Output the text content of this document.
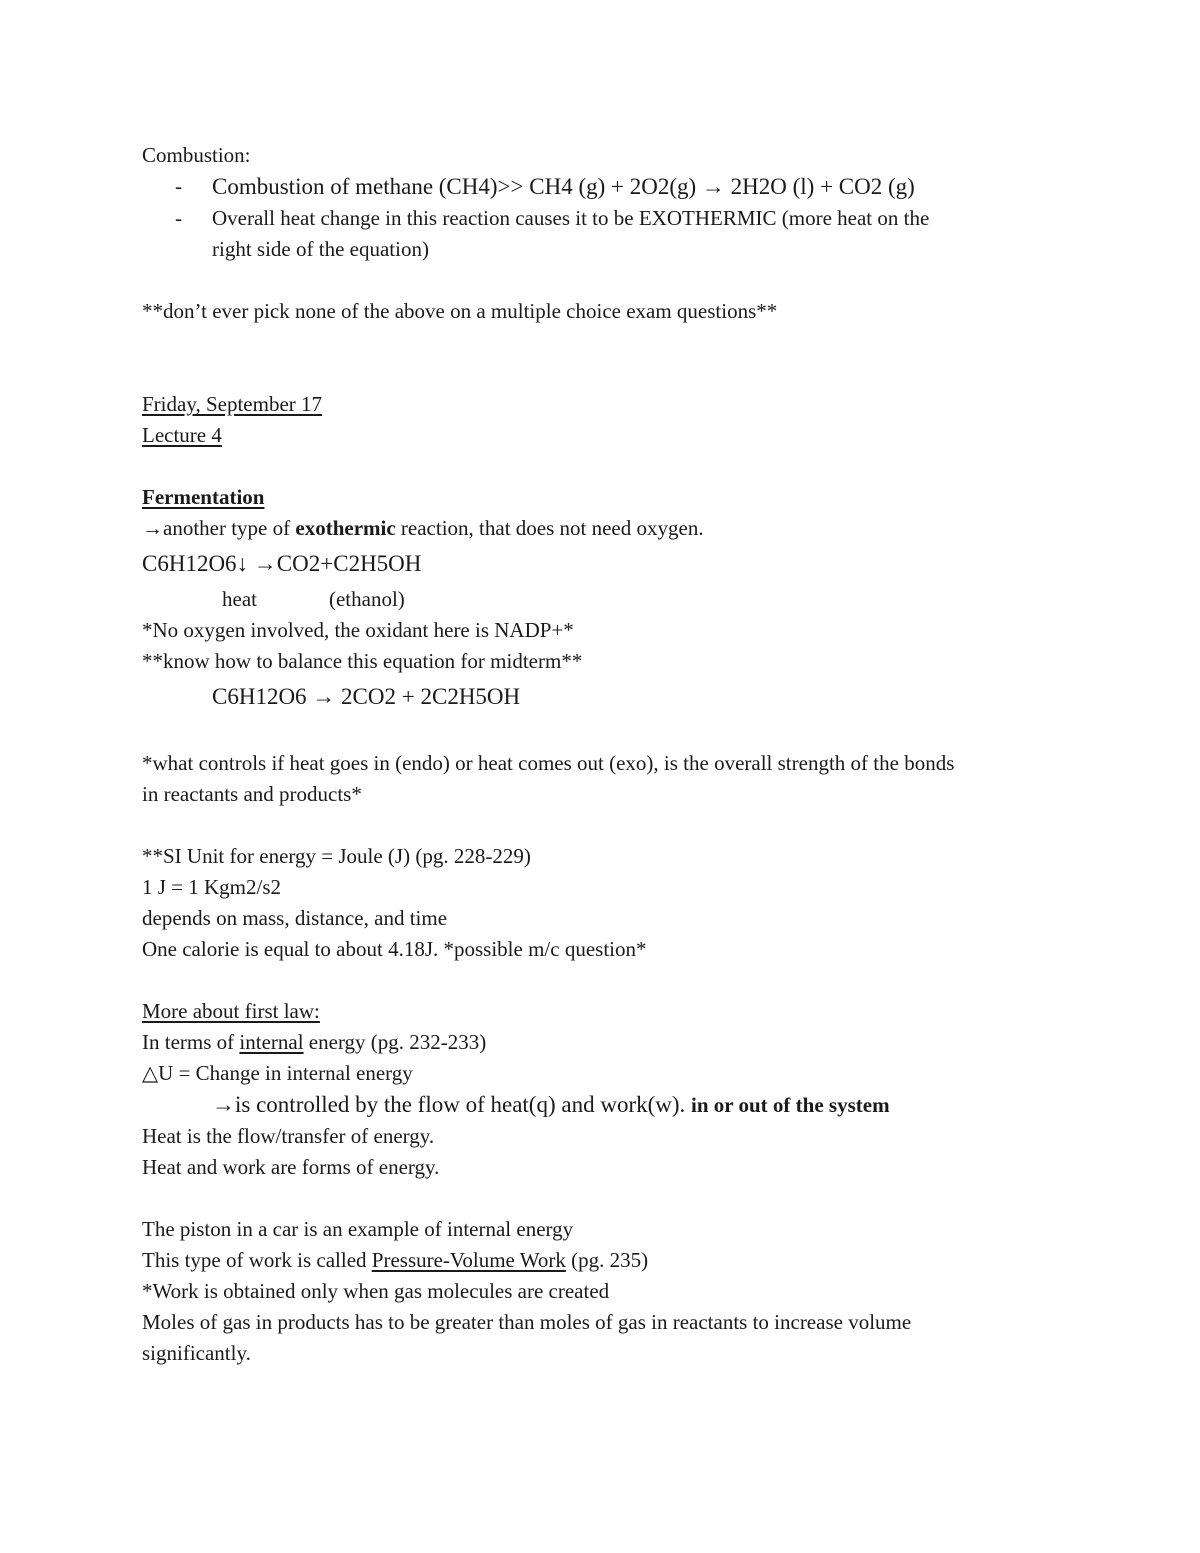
Combustion:
- Combustion of methane (CH4)>> CH4 (g) + 2O2(g) → 2H2O (l) + CO2 (g)
- Overall heat change in this reaction causes it to be EXOTHERMIC (more heat on the
right side of the equation)
**don’t ever pick none of the above on a multiple choice exam questions**
Friday, September 17
Lecture 4
Fermentation
→another type of exothermic reaction, that does not need oxygen.
C6H12O6↓ →CO2+C2H5OH
heat	(ethanol)
*No oxygen involved, the oxidant here is NADP+*
**know how to balance this equation for midterm**
C6H12O6 → 2CO2 + 2C2H5OH
*what controls if heat goes in (endo) or heat comes out (exo), is the overall strength of the bonds
in reactants and products*
**SI Unit for energy = Joule (J) (pg. 228-229)
1 J = 1 Kgm2/s2
depends on mass, distance, and time
One calorie is equal to about 4.18J. *possible m/c question*
More about first law:
In terms of internal energy (pg. 232-233)
△U = Change in internal energy
→is controlled by the flow of heat(q) and work(w). in or out of the system
Heat is the flow/transfer of energy.
Heat and work are forms of energy.
The piston in a car is an example of internal energy
This type of work is called Pressure-Volume Work (pg. 235)
*Work is obtained only when gas molecules are created
Moles of gas in products has to be greater than moles of gas in reactants to increase volume
significantly.
